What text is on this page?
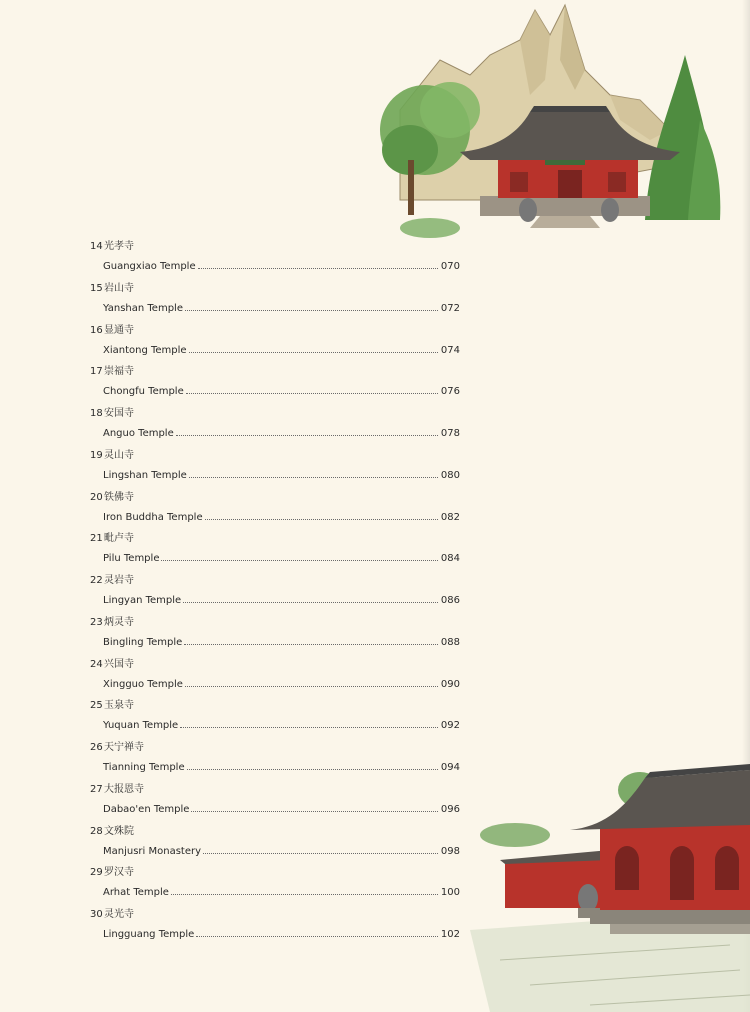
14光孝寺
Guangxiao Temple	070
15岩山寺
Yanshan Temple	072
16显通寺
Xiantong Temple	074
17崇福寺
Chongfu Temple	076
18安国寺
Anguo Temple	078
19灵山寺
Lingshan Temple	080
20铁佛寺
Iron Buddha Temple	082
21毗卢寺
Pilu Temple	084
22灵岩寺
Lingyan Temple	086
23炳灵寺
Bingling Temple	088
24兴国寺
Xingguo Temple	090
25玉泉寺
Yuquan Temple	092
26天宁禅寺
Tianning Temple	094
27大报恩寺
Dabao'en Temple	096
28文殊院
Manjusri Monastery	098
29罗汉寺
Arhat Temple	100
30灵光寺
Lingguang Temple	102
